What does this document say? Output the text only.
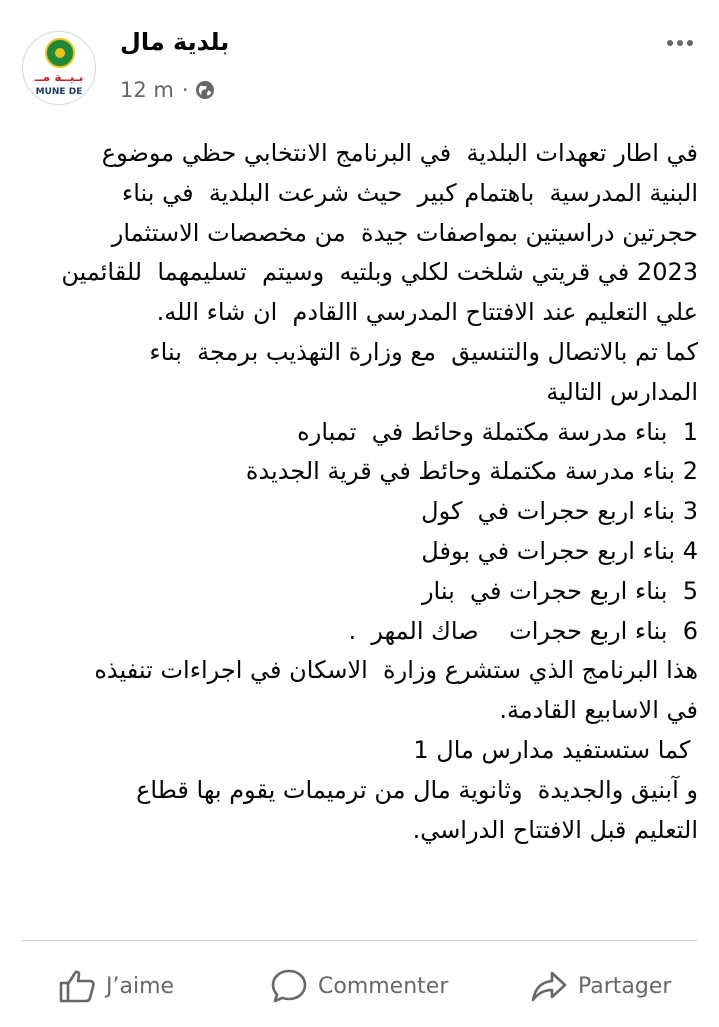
بـيــة مــ
MUNE DE
بلدية مال
12 m ·
في اطار تعهدات البلدية  في البرنامج الانتخابي حظي موضوع
البنية المدرسية  باهتمام كبير  حيث شرعت البلدية  في بناء
حجرتين دراسيتين بمواصفات جيدة  من مخصصات الاستثمار
2023 في قريتي شلخت لكلي وبلتيه  وسيتم  تسليمهما  للقائمين
علي التعليم عند الافتتاح المدرسي االقادم  ان شاء الله.
كما تم بالاتصال والتنسيق  مع وزارة التهذيب برمجة  بناء
المدارس التالية
1  بناء مدرسة مكتملة وحائط في  تمباره
2 بناء مدرسة مكتملة وحائط في قرية الجديدة
3 بناء اربع حجرات في  كول
4 بناء اربع حجرات في بوفل
5  بناء اربع حجرات في  بنار
6  بناء اربع حجرات    صاك المهر  .
هذا البرنامج الذي ستشرع وزارة  الاسكان في اجراءات تنفيذه
في الاسابيع القادمة.
كما ستستفيد مدارس مال 1
و آبنيق والجديدة  وثانوية مال من ترميمات يقوم بها قطاع
التعليم قبل الافتتاح الدراسي.
J’aime	Commenter	Partager
